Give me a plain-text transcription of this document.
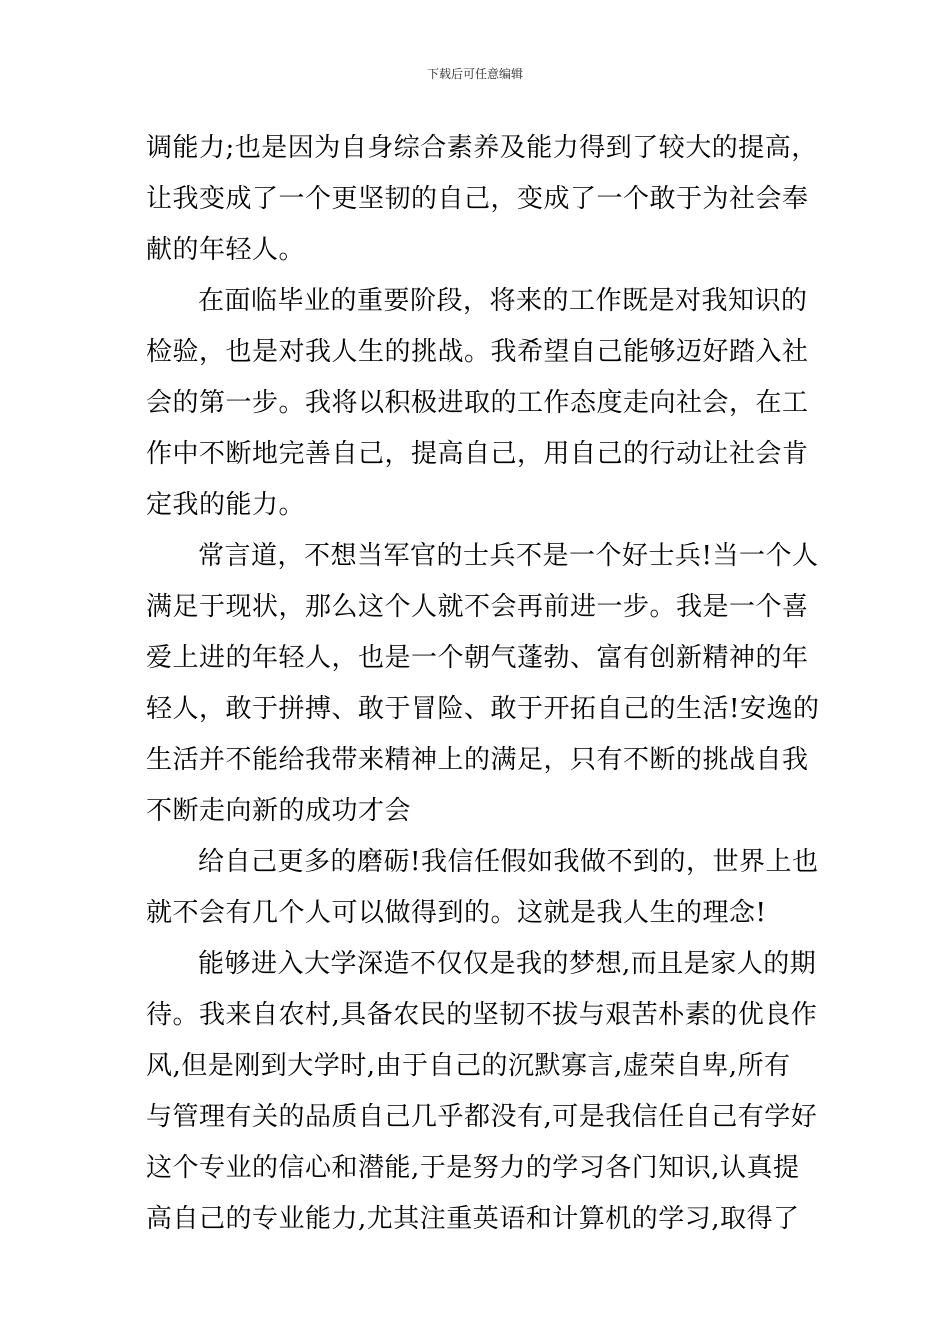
下载后可任意编辑
调能力;也是因为自身综合素养及能力得到了较大的提高，
让我变成了一个更坚韧的自己，变成了一个敢于为社会奉
献的年轻人。
在面临毕业的重要阶段，将来的工作既是对我知识的
检验，也是对我人生的挑战。我希望自己能够迈好踏入社
会的第一步。我将以积极进取的工作态度走向社会，在工
作中不断地完善自己，提高自己，用自己的行动让社会肯
定我的能力。
常言道，不想当军官的士兵不是一个好士兵!当一个人
满足于现状，那么这个人就不会再前进一步。我是一个喜
爱上进的年轻人，也是一个朝气蓬勃、富有创新精神的年
轻人，敢于拼搏、敢于冒险、敢于开拓自己的生活!安逸的
生活并不能给我带来精神上的满足，只有不断的挑战自我
不断走向新的成功才会
给自己更多的磨砺!我信任假如我做不到的，世界上也
就不会有几个人可以做得到的。这就是我人生的理念!
能够进入大学深造不仅仅是我的梦想,而且是家人的期
待。我来自农村,具备农民的坚韧不拔与艰苦朴素的优良作
风,但是刚到大学时,由于自己的沉默寡言,虚荣自卑,所有
与管理有关的品质自己几乎都没有,可是我信任自己有学好
这个专业的信心和潜能,于是努力的学习各门知识,认真提
高自己的专业能力,尤其注重英语和计算机的学习,取得了
